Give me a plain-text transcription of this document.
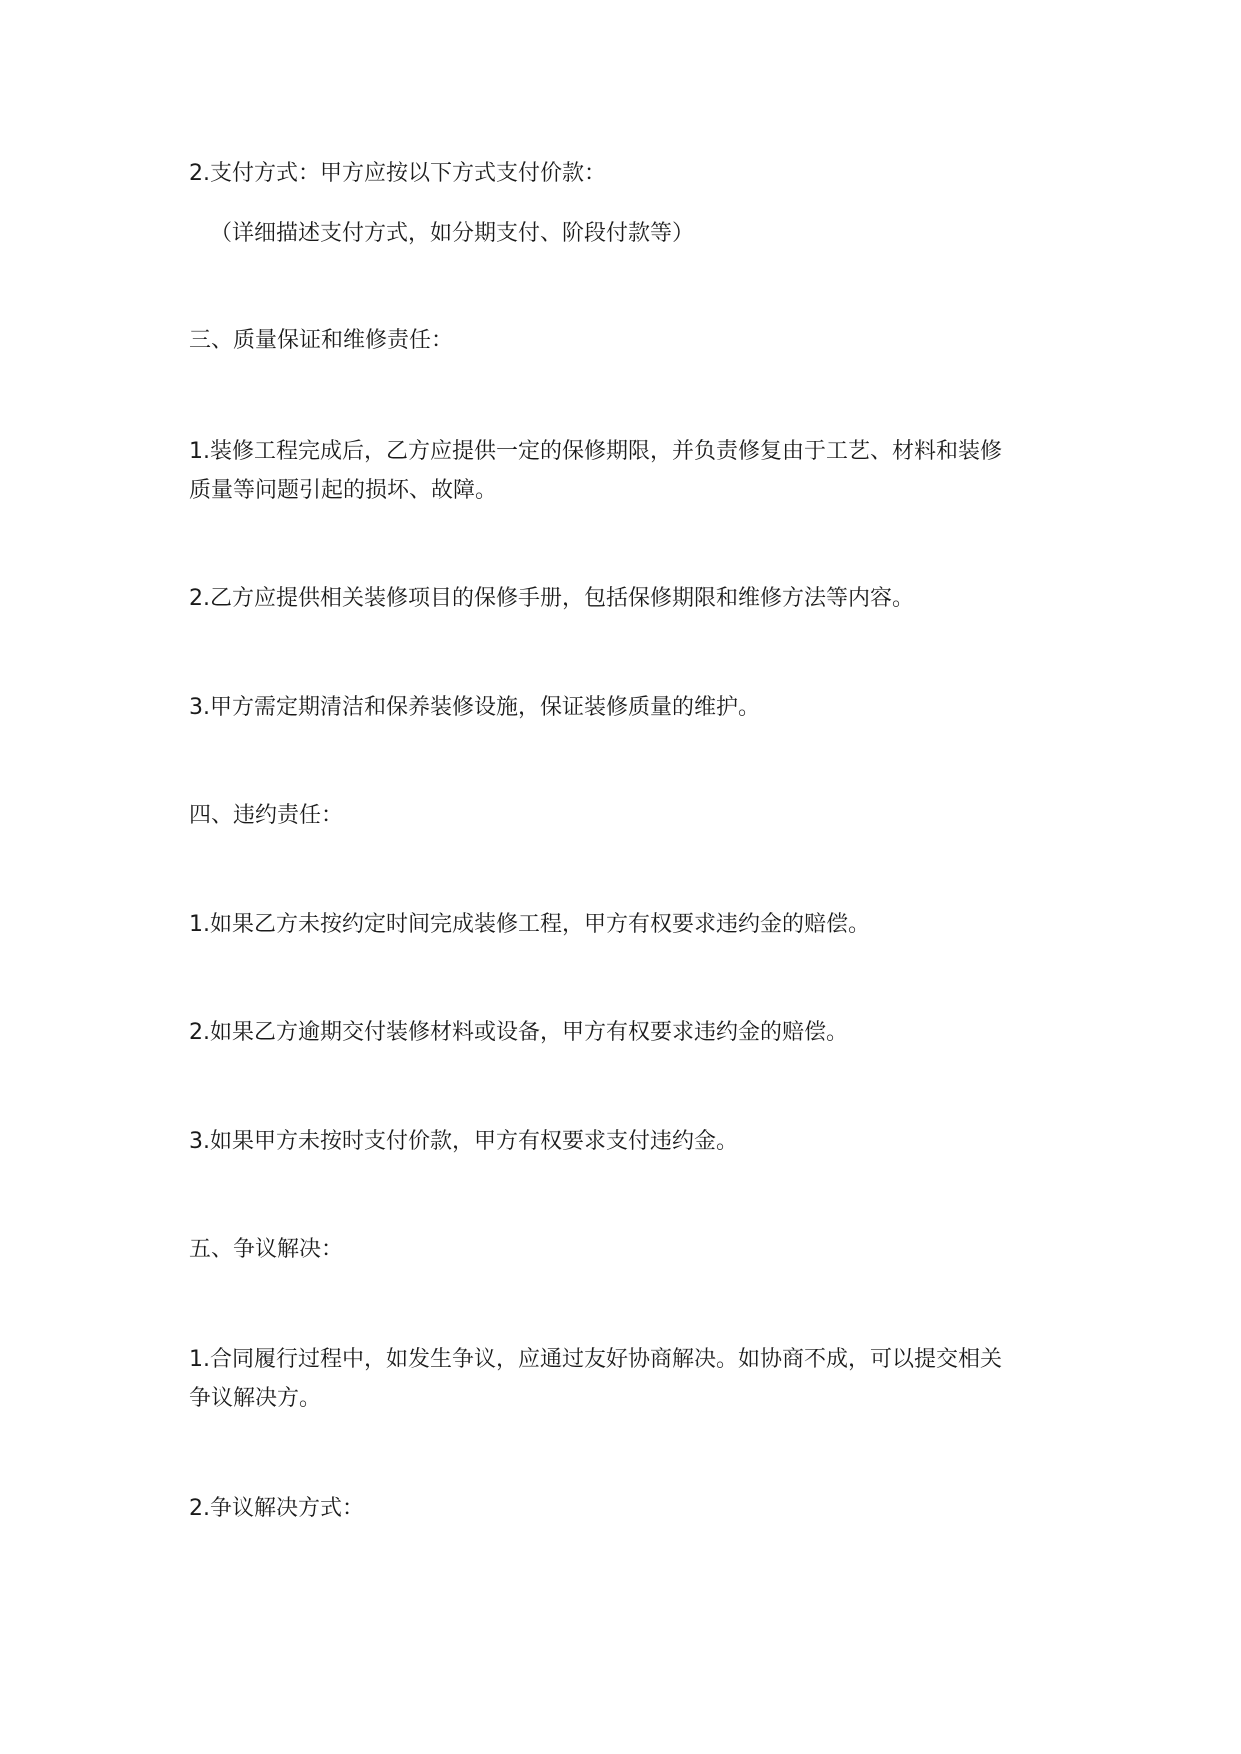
2.支付方式：甲方应按以下方式支付价款：

（详细描述支付方式，如分期支付、阶段付款等）

三、质量保证和维修责任：

1.装修工程完成后，乙方应提供一定的保修期限，并负责修复由于工艺、材料和装修

质量等问题引起的损坏、故障。

2.乙方应提供相关装修项目的保修手册，包括保修期限和维修方法等内容。

3.甲方需定期清洁和保养装修设施，保证装修质量的维护。

四、违约责任：

1.如果乙方未按约定时间完成装修工程，甲方有权要求违约金的赔偿。

2.如果乙方逾期交付装修材料或设备，甲方有权要求违约金的赔偿。

3.如果甲方未按时支付价款，甲方有权要求支付违约金。

五、争议解决：

1.合同履行过程中，如发生争议，应通过友好协商解决。如协商不成，可以提交相关

争议解决方。

2.争议解决方式：
